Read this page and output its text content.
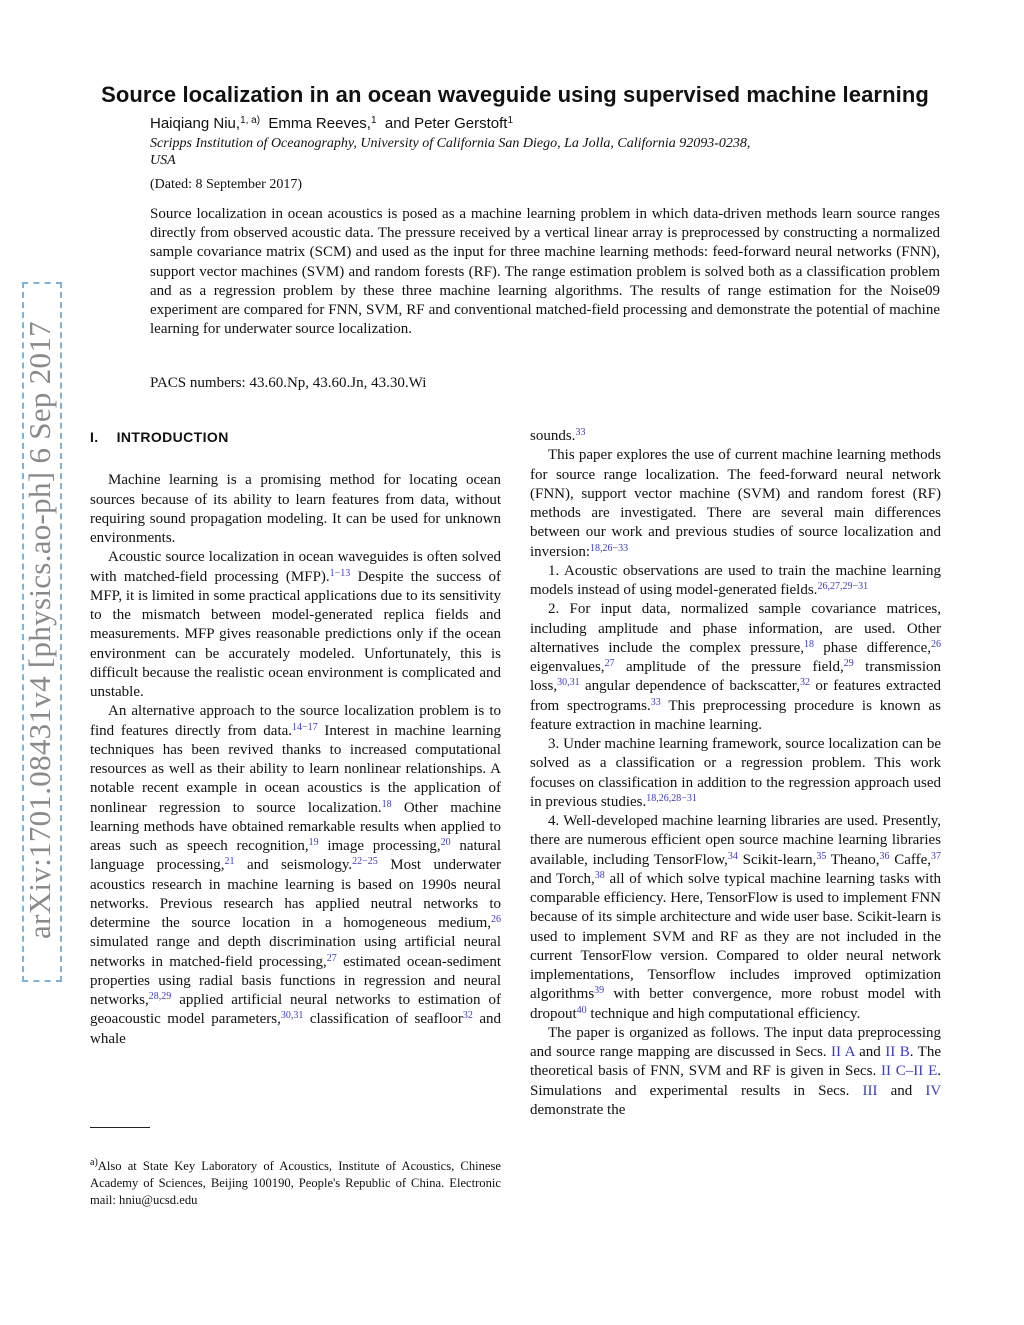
arXiv:1701.08431v4 [physics.ao-ph] 6 Sep 2017
Source localization in an ocean waveguide using supervised machine learning
Haiqiang Niu,$^{1, a)}$ Emma Reeves,$^1$ and Peter Gerstoft$^1$
Scripps Institution of Oceanography, University of California San Diego, La Jolla, California 92093-0238,
USA
(Dated: 8 September 2017)

Source localization in ocean acoustics is posed as a machine learning problem in which data-driven methods learn source ranges directly from observed acoustic data. The pressure received by a vertical linear array is preprocessed by constructing a normalized sample covariance matrix (SCM) and used as the input for three machine learning methods: feed-forward neural networks (FNN), support vector machines (SVM) and random forests (RF). The range estimation problem is solved both as a classification problem and as a regression problem by these three machine learning algorithms. The results of range estimation for the Noise09 experiment are compared for FNN, SVM, RF and conventional matched-field processing and demonstrate the potential of machine learning for underwater source localization.

PACS numbers: 43.60.Np, 43.60.Jn, 43.30.Wi
I. INTRODUCTION

Machine learning is a promising method for locating ocean sources because of its ability to learn features from data, without requiring sound propagation modeling. It can be used for unknown environments.

Acoustic source localization in ocean waveguides is often solved with matched-field processing (MFP).$^{1-13}$ Despite the success of MFP, it is limited in some practical applications due to its sensitivity to the mismatch between model-generated replica fields and measurements. MFP gives reasonable predictions only if the ocean environment can be accurately modeled. Unfortunately, this is difficult because the realistic ocean environment is complicated and unstable.

An alternative approach to the source localization problem is to find features directly from data.$^{14-17}$ Interest in machine learning techniques has been revived thanks to increased computational resources as well as their ability to learn nonlinear relationships. A notable recent example in ocean acoustics is the application of nonlinear regression to source localization.$^{18}$ Other machine learning methods have obtained remarkable results when applied to areas such as speech recognition,$^{19}$ image processing,$^{20}$ natural language processing,$^{21}$ and seismology.$^{22-25}$ Most underwater acoustics research in machine learning is based on 1990s neural networks. Previous research has applied neutral networks to determine the source location in a homogeneous medium,$^{26}$ simulated range and depth discrimination using artificial neural networks in matched-field processing,$^{27}$ estimated ocean-sediment properties using radial basis functions in regression and neural networks,$^{28,29}$ applied artificial neural networks to estimation of geoacoustic model parameters,$^{30,31}$ classification of seafloor$^{32}$ and whale

sounds.$^{33}$

This paper explores the use of current machine learning methods for source range localization. The feed-forward neural network (FNN), support vector machine (SVM) and random forest (RF) methods are investigated. There are several main differences between our work and previous studies of source localization and inversion:$^{18,26-33}$

1. Acoustic observations are used to train the machine learning models instead of using model-generated fields.$^{26,27,29-31}$

2. For input data, normalized sample covariance matrices, including amplitude and phase information, are used. Other alternatives include the complex pressure,$^{18}$ phase difference,$^{26}$ eigenvalues,$^{27}$ amplitude of the pressure field,$^{29}$ transmission loss,$^{30,31}$ angular dependence of backscatter,$^{32}$ or features extracted from spectrograms.$^{33}$ This preprocessing procedure is known as feature extraction in machine learning.

3. Under machine learning framework, source localization can be solved as a classification or a regression problem. This work focuses on classification in addition to the regression approach used in previous studies.$^{18,26,28-31}$

4. Well-developed machine learning libraries are used. Presently, there are numerous efficient open source machine learning libraries available, including TensorFlow,$^{34}$ Scikit-learn,$^{35}$ Theano,$^{36}$ Caffe,$^{37}$ and Torch,$^{38}$ all of which solve typical machine learning tasks with comparable efficiency. Here, TensorFlow is used to implement FNN because of its simple architecture and wide user base. Scikit-learn is used to implement SVM and RF as they are not included in the current TensorFlow version. Compared to older neural network implementations, Tensorflow includes improved optimization algorithms$^{39}$ with better convergence, more robust model with dropout$^{40}$ technique and high computational efficiency.

The paper is organized as follows. The input data preprocessing and source range mapping are discussed in Secs. II A and II B. The theoretical basis of FNN, SVM and RF is given in Secs. II C–II E. Simulations and experimental results in Secs. III and IV demonstrate the

$^{a)}$Also at State Key Laboratory of Acoustics, Institute of Acoustics, Chinese Academy of Sciences, Beijing 100190, People's Republic of China. Electronic mail: hniu@ucsd.edu
